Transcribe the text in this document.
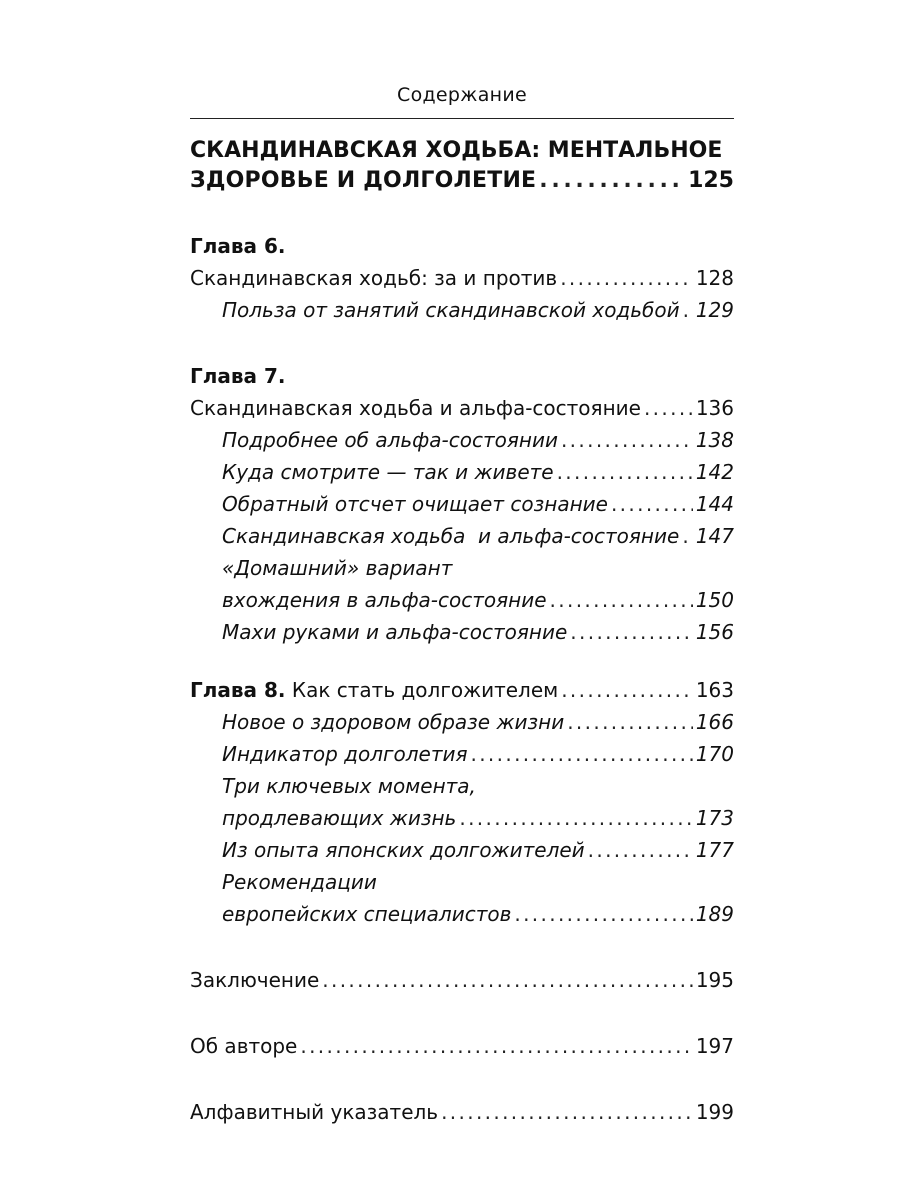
Содержание
СКАНДИНАВСКАЯ ХОДЬБА: МЕНТАЛЬНОЕ
ЗДОРОВЬЕ И ДОЛГОЛЕТИЕ . . .	125
Глава 6.
Скандинавская ходьб: за и против . . .	128
Польза от занятий скандинавской ходьбой . . . 129
Глава 7.
Скандинавская ходьба и альфа-состояние . . .	136
Подробнее об альфа-состоянии . . .	138
Куда смотрите — так и живете . . .	142
Обратный отсчет очищает сознание . . .	144
Скандинавская ходьба  и альфа-состояние . . . 147
«Домашний» вариант
вхождения в альфа-состояние . . .	150
Махи руками и альфа-состояние . . .	156
Глава 8. Как стать долгожителем . . .	163
Новое о здоровом образе жизни . . .	166
Индикатор долголетия . . .	170
Три ключевых момента,
продлевающих жизнь . . .	173
Из опыта японских долгожителей . . .	177
Рекомендации
европейских специалистов . . .	189
Заключение . . .	195
Об авторе . . .	197
Алфавитный указатель . . .	199
